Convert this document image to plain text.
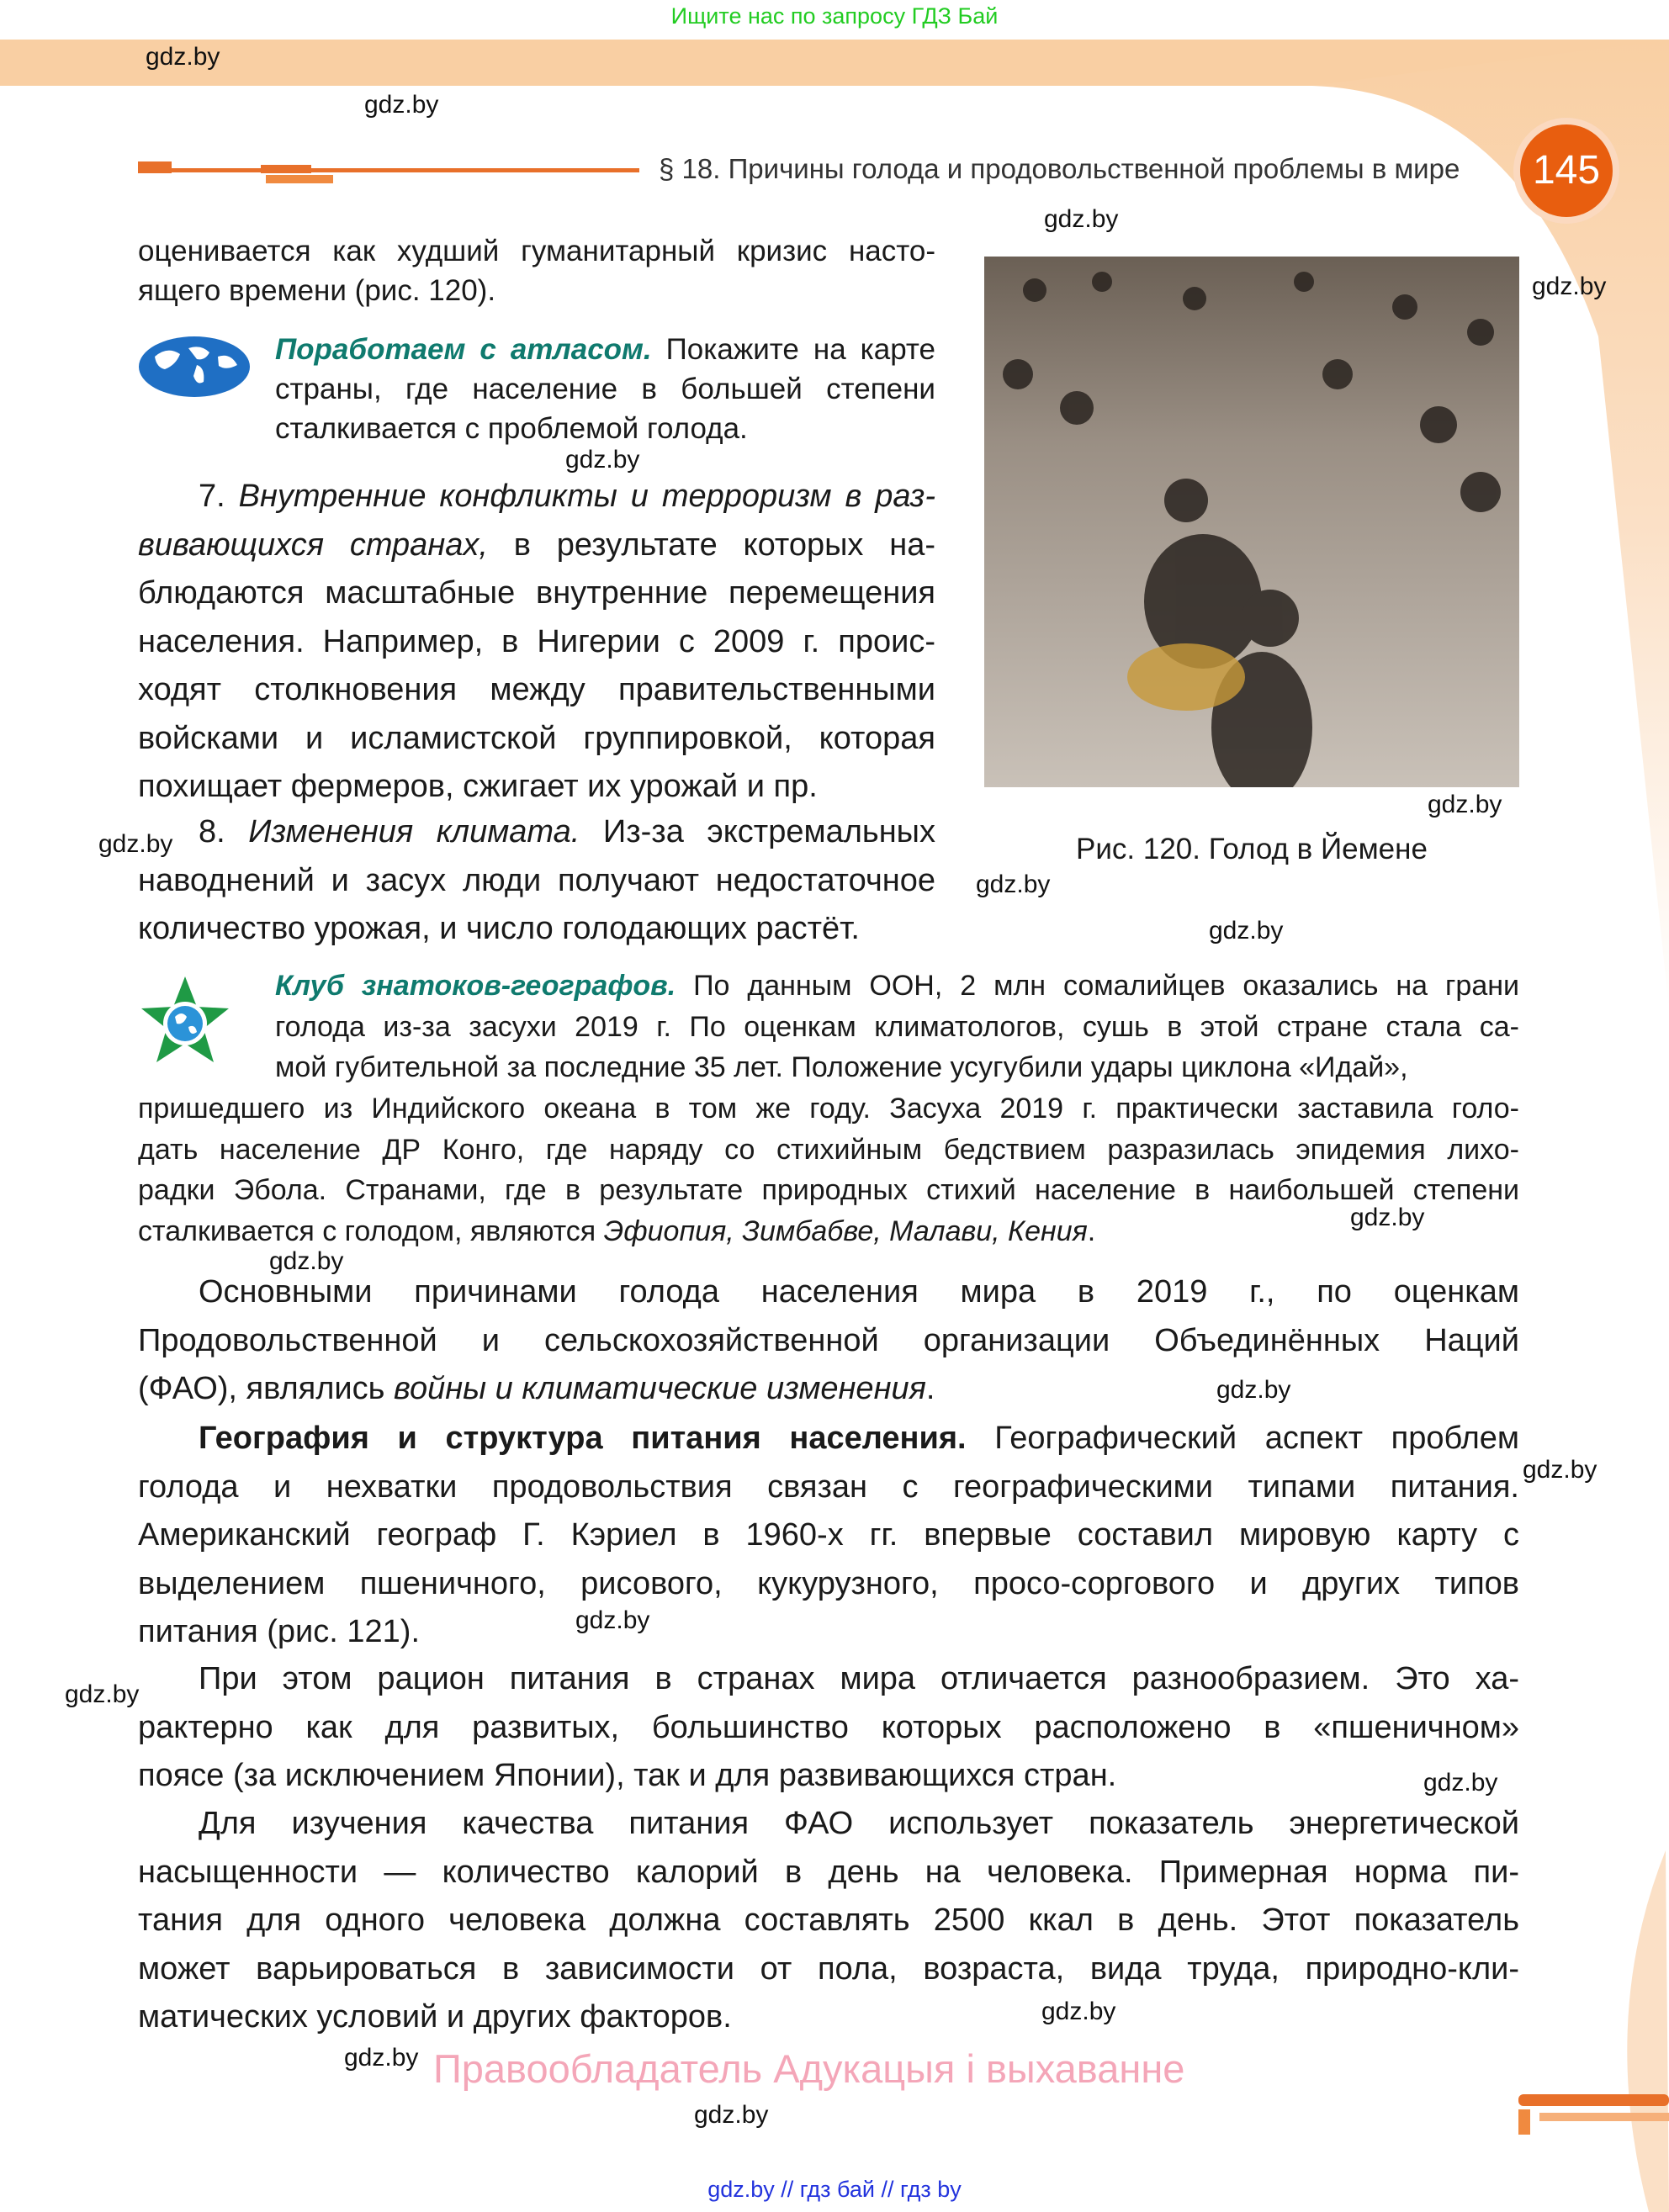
Ищите нас по запросу ГДЗ Бай
§ 18. Причины голода и продовольственной проблемы в мире	145
оценивается как худший гуманитарный кризис насто-
ящего времени (рис. 120).
Поработаем с атласом. Покажите на карте
страны, где население в большей степени
сталкивается с проблемой голода.
7. Внутренние конфликты и терроризм в раз-
вивающихся странах, в результате которых на-
блюдаются масштабные внутренние перемещения
населения. Например, в Нигерии с 2009 г. проис-
ходят столкновения между правительственными
войсками и исламистской группировкой, которая
похищает фермеров, сжигает их урожай и пр.
8. Изменения климата. Из-за экстремальных
наводнений и засух люди получают недостаточное
количество урожая, и число голодающих растёт.
Рис. 120. Голод в Йемене
Клуб знатоков-географов. По данным ООН, 2 млн сомалийцев оказались на грани
голода из-за засухи 2019 г. По оценкам климатологов, сушь в этой стране стала са-
мой губительной за последние 35 лет. Положение усугубили удары циклона «Идай»,
пришедшего из Индийского океана в том же году. Засуха 2019 г. практически заставила голо-
дать население ДР Конго, где наряду со стихийным бедствием разразилась эпидемия лихо-
радки Эбола. Странами, где в результате природных стихий население в наибольшей степени
сталкивается с голодом, являются Эфиопия, Зимбабве, Малави, Кения.
Основными причинами голода населения мира в 2019 г., по оценкам
Продовольственной и сельскохозяйственной организации Объединённых Наций
(ФАО), являлись войны и климатические изменения.
География и структура питания населения. Географический аспект проблем
голода и нехватки продовольствия связан с географическими типами питания.
Американский географ Г. Кэриел в 1960-х гг. впервые составил мировую карту с
выделением пшеничного, рисового, кукурузного, просо-соргового и других типов
питания (рис. 121).
При этом рацион питания в странах мира отличается разнообразием. Это ха-
рактерно как для развитых, большинство которых расположено в «пшеничном»
поясе (за исключением Японии), так и для развивающихся стран.
Для изучения качества питания ФАО использует показатель энергетической
насыщенности — количество калорий в день на человека. Примерная норма пи-
тания для одного человека должна составлять 2500 ккал в день. Этот показатель
может варьироваться в зависимости от пола, возраста, вида труда, природно-кли-
матических условий и других факторов.
gdz.by
gdz.by
gdz.by
gdz.by
gdz.by
gdz.by
gdz.by
gdz.by
gdz.by
gdz.by
gdz.by
gdz.by
gdz.by
gdz.by
gdz.by
gdz.by
gdz.by
gdz.by
gdz.by
Правообладатель Адукацыя і выхаванне
gdz.by // гдз бай // гдз by
